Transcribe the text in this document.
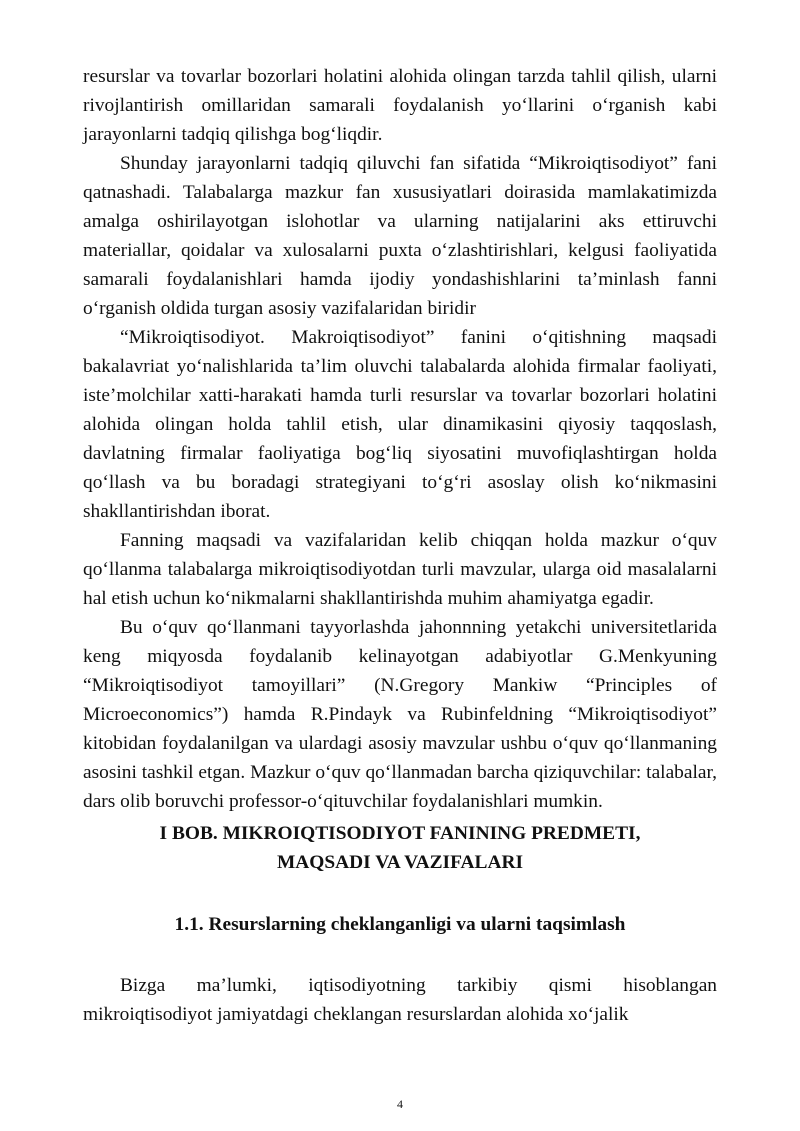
resurslar va tovarlar bozorlari holatini alohida olingan tarzda tahlil qilish, ularni rivojlantirish omillaridan samarali foydalanish yo‘llarini o‘rganish kabi jarayonlarni tadqiq qilishga bog‘liqdir.

Shunday jarayonlarni tadqiq qiluvchi fan sifatida “Mikroiqtisodiyot” fani qatnashadi. Talabalarga mazkur fan xususiyatlari doirasida mamlakatimizda amalga oshirilayotgan islohotlar va ularning natijalarini aks ettiruvchi materiallar, qoidalar va xulosalarni puxta o‘zlashtirishlari, kelgusi faoliyatida samarali foydalanishlari hamda ijodiy yondashishlarini ta’minlash fanni o‘rganish oldida turgan asosiy vazifalaridan biridir

“Mikroiqtisodiyot. Makroiqtisodiyot” fanini o‘qitishning maqsadi bakalavriat yo‘nalishlarida ta’lim oluvchi talabalarda alohida firmalar faoliyati, iste’molchilar xatti-harakati hamda turli resurslar va tovarlar bozorlari holatini alohida olingan holda tahlil etish, ular dinamikasini qiyosiy taqqoslash, davlatning firmalar faoliyatiga bog‘liq siyosatini muvofiqlashtirgan holda qo‘llash va bu boradagi strategiyani to‘g‘ri asoslay olish ko‘nikmasini shakllantirishdan iborat.

Fanning maqsadi va vazifalaridan kelib chiqqan holda mazkur o‘quv qo‘llanma talabalarga mikroiqtisodiyotdan turli mavzular, ularga oid masalalarni hal etish uchun ko‘nikmalarni shakllantirishda muhim ahamiyatga egadir.

Bu o‘quv qo‘llanmani tayyorlashda jahonnning yetakchi universitetlarida keng miqyosda foydalanib kelinayotgan adabiyotlar G.Menkyuning “Mikroiqtisodiyot tamoyillari” (N.Gregory Mankiw “Principles of Microeconomics”) hamda R.Pindayk va Rubinfeldning “Mikroiqtisodiyot” kitobidan foydalanilgan va ulardagi asosiy mavzular ushbu o‘quv qo‘llanmaning asosini tashkil etgan. Mazkur o‘quv qo‘llanmadan barcha qiziquvchilar: talabalar, dars olib boruvchi professor-o‘qituvchilar foydalanishlari mumkin.

I BOB. MIKROIQTISODIYOT FANINING PREDMETI,
MAQSADI VA VAZIFALARI
1.1. Resurslarning cheklanganligi va ularni taqsimlash

Bizga ma’lumki, iqtisodiyotning tarkibiy qismi hisoblangan mikroiqtisodiyot jamiyatdagi cheklangan resurslardan alohida xo‘jalik

4
